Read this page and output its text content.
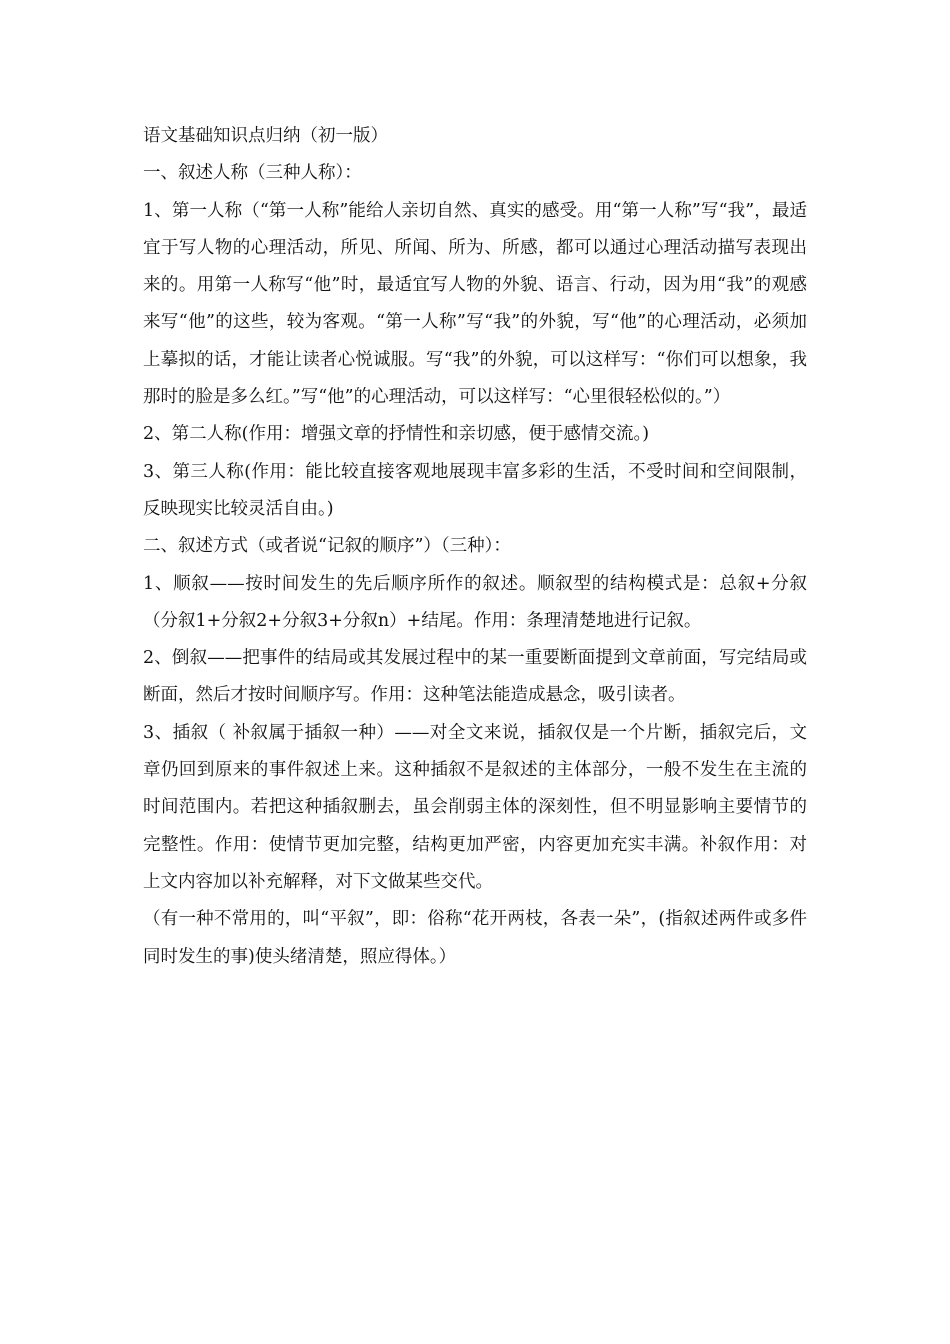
语文基础知识点归纳（初一版）

一、叙述人称（三种人称）：

1、第一人称（“第一人称”能给人亲切自然、真实的感受。用“第一人称”写“我”，最适宜于写人物的心理活动，所见、所闻、所为、所感，都可以通过心理活动描写表现出来的。用第一人称写“他”时，最适宜写人物的外貌、语言、行动，因为用“我”的观感来写“他”的这些，较为客观。“第一人称”写“我”的外貌，写“他”的心理活动，必须加上摹拟的话，才能让读者心悦诚服。写“我”的外貌，可以这样写：“你们可以想象，我那时的脸是多么红。”写“他”的心理活动，可以这样写：“心里很轻松似的。”）

2、第二人称(作用：增强文章的抒情性和亲切感，便于感情交流。)

3、第三人称(作用：能比较直接客观地展现丰富多彩的生活，不受时间和空间限制，反映现实比较灵活自由。)

二、叙述方式（或者说“记叙的顺序”）（三种）：

1、顺叙——按时间发生的先后顺序所作的叙述。顺叙型的结构模式是：总叙+分叙（分叙1+分叙2+分叙3+分叙n）+结尾。作用：条理清楚地进行记叙。

2、倒叙——把事件的结局或其发展过程中的某一重要断面提到文章前面，写完结局或断面，然后才按时间顺序写。作用：这种笔法能造成悬念，吸引读者。

3、插叙（ 补叙属于插叙一种）——对全文来说，插叙仅是一个片断，插叙完后，文章仍回到原来的事件叙述上来。这种插叙不是叙述的主体部分，一般不发生在主流的时间范围内。若把这种插叙删去，虽会削弱主体的深刻性，但不明显影响主要情节的完整性。作用：使情节更加完整，结构更加严密，内容更加充实丰满。补叙作用：对上文内容加以补充解释，对下文做某些交代。

（有一种不常用的，叫“平叙”，即：俗称“花开两枝，各表一朵”，(指叙述两件或多件同时发生的事)使头绪清楚，照应得体。）
